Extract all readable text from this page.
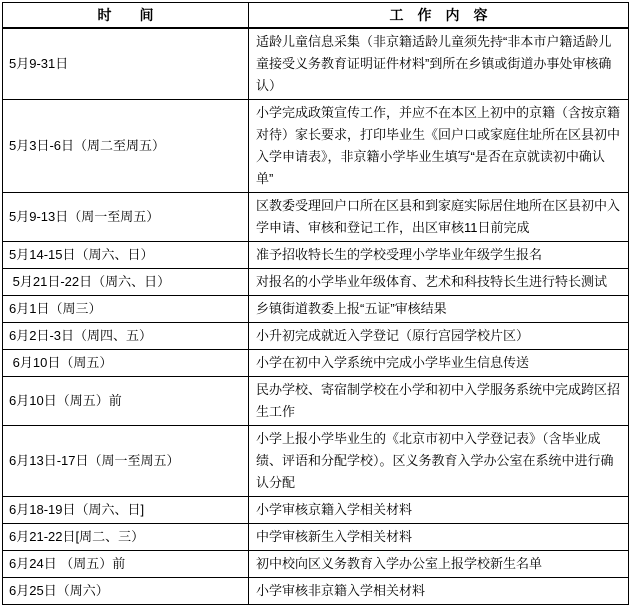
时　　间	工　作　内　容
5月9-31日	适龄儿童信息采集（非京籍适龄儿童须先持“非本市户籍适龄儿童接受义务教育证明证件材料”到所在乡镇或街道办事处审核确认）
5月3日-6日（周二至周五）	小学完成政策宣传工作，并应不在本区上初中的京籍（含按京籍对待）家长要求，打印毕业生《回户口或家庭住址所在区县初中入学申请表》，非京籍小学毕业生填写“是否在京就读初中确认单”
5月9-13日（周一至周五）	区教委受理回户口所在区县和到家庭实际居住地所在区县初中入学申请、审核和登记工作，出区审核11日前完成
5月14-15日（周六、日）	准予招收特长生的学校受理小学毕业年级学生报名
5月21日-22日（周六、日）	对报名的小学毕业年级体育、艺术和科技特长生进行特长测试
6月1日（周三）	乡镇街道教委上报“五证”审核结果
6月2日-3日（周四、五）	小升初完成就近入学登记（原行宫园学校片区）
6月10日（周五）	小学在初中入学系统中完成小学毕业生信息传送
6月10日（周五）前	民办学校、寄宿制学校在小学和初中入学服务系统中完成跨区招生工作
6月13日-17日（周一至周五）	小学上报小学毕业生的《北京市初中入学登记表》（含毕业成绩、评语和分配学校）。区义务教育入学办公室在系统中进行确认分配
6月18-19日（周六、日]	小学审核京籍入学相关材料
6月21-22日[周二、三）	中学审核新生入学相关材料
6月24日 （周五）前	初中校向区义务教育入学办公室上报学校新生名单
6月25日（周六）	小学审核非京籍入学相关材料
